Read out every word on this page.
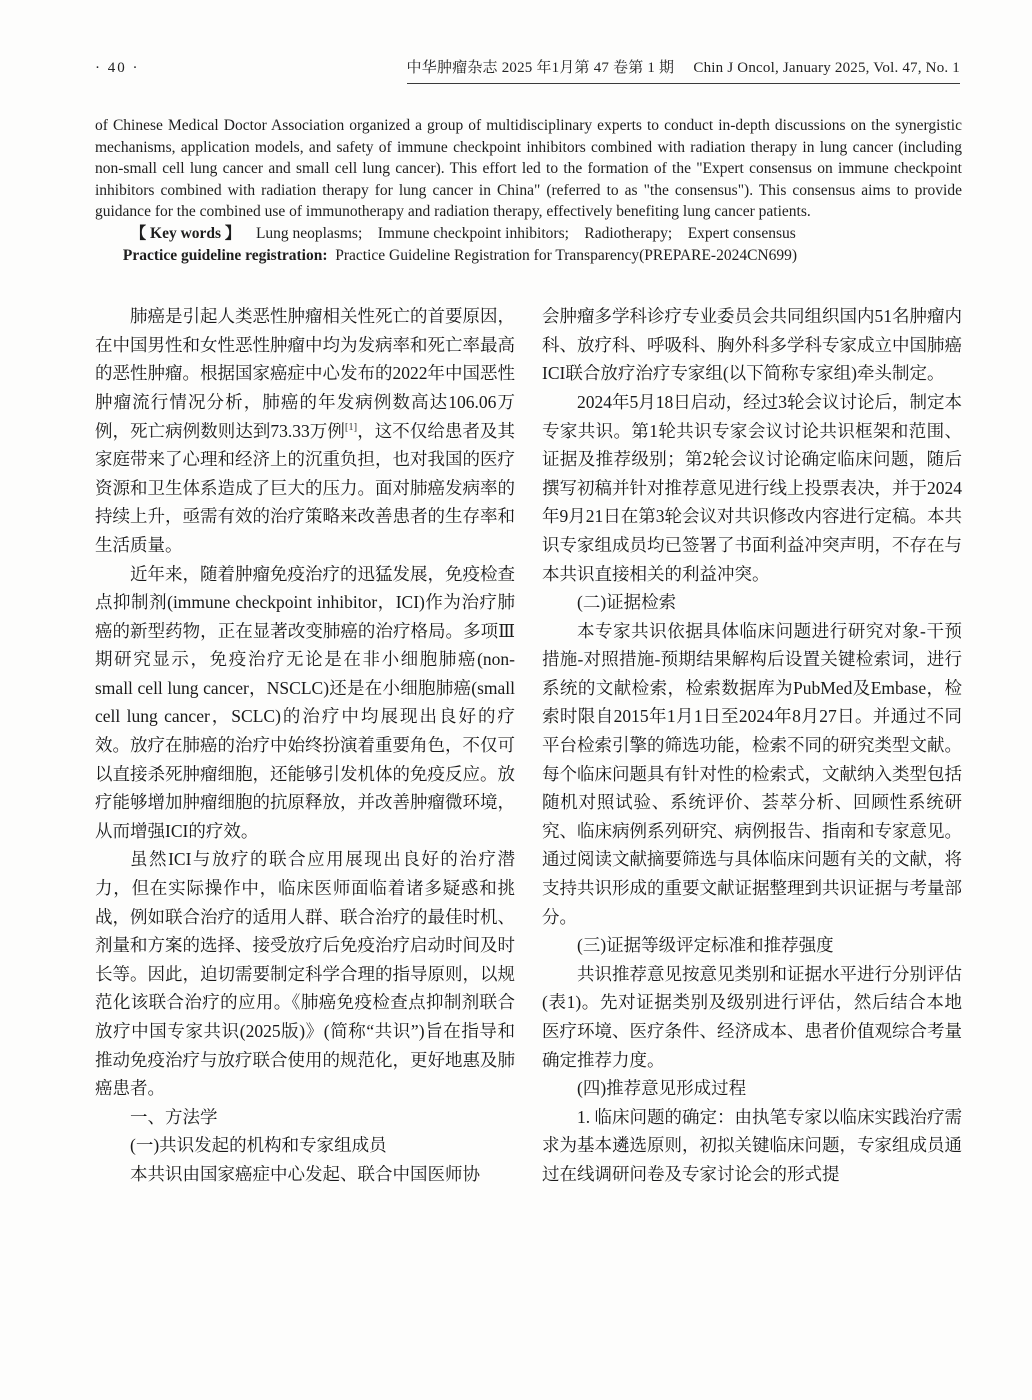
· 40 ·	中华肿瘤杂志 2025 年1月第 47 卷第 1 期　 Chin J Oncol, January 2025, Vol. 47, No. 1

of Chinese Medical Doctor Association organized a group of multidisciplinary experts to conduct in-depth discussions on the synergistic mechanisms, application models, and safety of immune checkpoint inhibitors combined with radiation therapy in lung cancer (including non-small cell lung cancer and small cell lung cancer). This effort led to the formation of the "Expert consensus on immune checkpoint inhibitors combined with radiation therapy for lung cancer in China" (referred to as "the consensus"). This consensus aims to provide guidance for the combined use of immunotherapy and radiation therapy, effectively benefiting lung cancer patients.

【 Key words 】  Lung neoplasms;  Immune checkpoint inhibitors;  Radiotherapy;  Expert consensus

Practice guideline registration: Practice Guideline Registration for Transparency(PREPARE-2024CN699)

肺癌是引起人类恶性肿瘤相关性死亡的首要原因，在中国男性和女性恶性肿瘤中均为发病率和死亡率最高的恶性肿瘤。根据国家癌症中心发布的2022年中国恶性肿瘤流行情况分析，肺癌的年发病例数高达106.06万例，死亡病例数则达到73.33万例[1]，这不仅给患者及其家庭带来了心理和经济上的沉重负担，也对我国的医疗资源和卫生体系造成了巨大的压力。面对肺癌发病率的持续上升，亟需有效的治疗策略来改善患者的生存率和生活质量。

近年来，随着肿瘤免疫治疗的迅猛发展，免疫检查点抑制剂(immune checkpoint inhibitor，ICI)作为治疗肺癌的新型药物，正在显著改变肺癌的治疗格局。多项Ⅲ期研究显示，免疫治疗无论是在非小细胞肺癌(non-small cell lung cancer，NSCLC)还是在小细胞肺癌(small cell lung cancer，SCLC)的治疗中均展现出良好的疗效。放疗在肺癌的治疗中始终扮演着重要角色，不仅可以直接杀死肿瘤细胞，还能够引发机体的免疫反应。放疗能够增加肿瘤细胞的抗原释放，并改善肿瘤微环境，从而增强ICI的疗效。

虽然ICI与放疗的联合应用展现出良好的治疗潜力，但在实际操作中，临床医师面临着诸多疑惑和挑战，例如联合治疗的适用人群、联合治疗的最佳时机、剂量和方案的选择、接受放疗后免疫治疗启动时间及时长等。因此，迫切需要制定科学合理的指导原则，以规范化该联合治疗的应用。《肺癌免疫检查点抑制剂联合放疗中国专家共识(2025版)》(简称“共识”)旨在指导和推动免疫治疗与放疗联合使用的规范化，更好地惠及肺癌患者。

一、方法学

(一)共识发起的机构和专家组成员

本共识由国家癌症中心发起、联合中国医师协

会肿瘤多学科诊疗专业委员会共同组织国内51名肿瘤内科、放疗科、呼吸科、胸外科多学科专家成立中国肺癌ICI联合放疗治疗专家组(以下简称专家组)牵头制定。

2024年5月18日启动，经过3轮会议讨论后，制定本专家共识。第1轮共识专家会议讨论共识框架和范围、证据及推荐级别；第2轮会议讨论确定临床问题，随后撰写初稿并针对推荐意见进行线上投票表决，并于2024年9月21日在第3轮会议对共识修改内容进行定稿。本共识专家组成员均已签署了书面利益冲突声明，不存在与本共识直接相关的利益冲突。

(二)证据检索

本专家共识依据具体临床问题进行研究对象-干预措施-对照措施-预期结果解构后设置关键检索词，进行系统的文献检索，检索数据库为PubMed及Embase，检索时限自2015年1月1日至2024年8月27日。并通过不同平台检索引擎的筛选功能，检索不同的研究类型文献。每个临床问题具有针对性的检索式，文献纳入类型包括随机对照试验、系统评价、荟萃分析、回顾性系统研究、临床病例系列研究、病例报告、指南和专家意见。通过阅读文献摘要筛选与具体临床问题有关的文献，将支持共识形成的重要文献证据整理到共识证据与考量部分。

(三)证据等级评定标准和推荐强度

共识推荐意见按意见类别和证据水平进行分别评估(表1)。先对证据类别及级别进行评估，然后结合本地医疗环境、医疗条件、经济成本、患者价值观综合考量确定推荐力度。

(四)推荐意见形成过程

1. 临床问题的确定：由执笔专家以临床实践治疗需求为基本遴选原则，初拟关键临床问题，专家组成员通过在线调研问卷及专家讨论会的形式提
